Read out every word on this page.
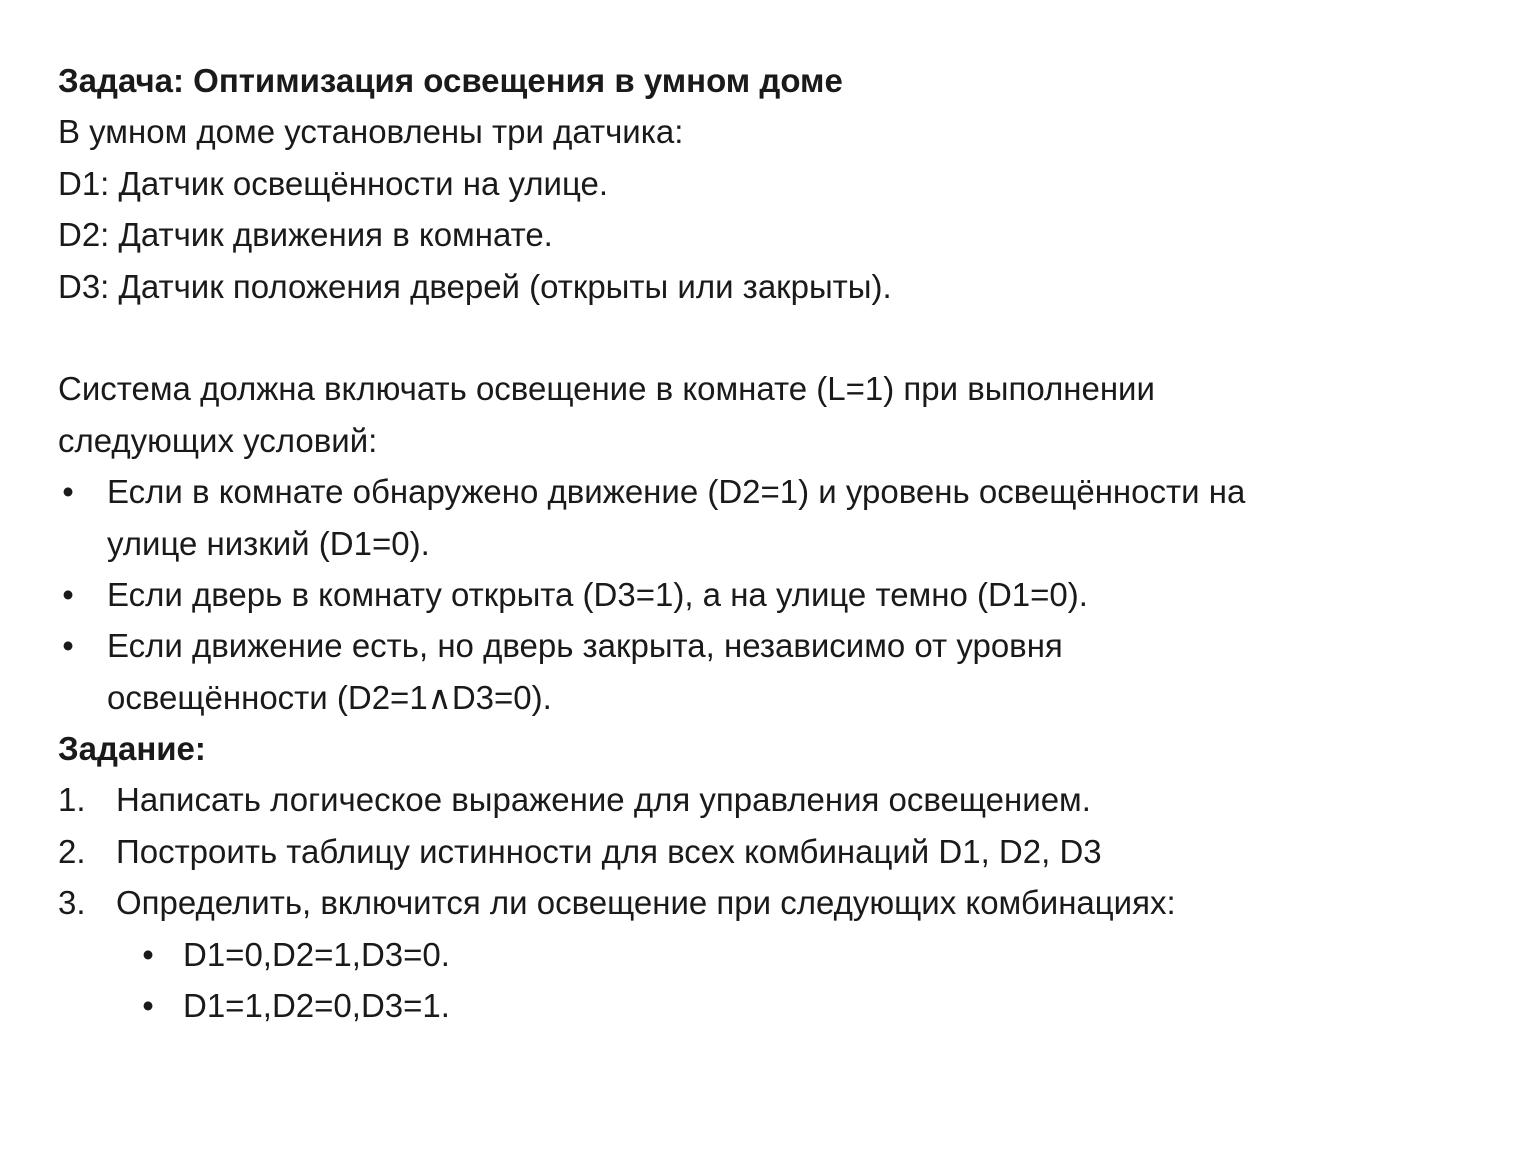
Задача: Оптимизация освещения в умном доме
В умном доме установлены три датчика:
D1: Датчик освещённости на улице.
D2: Датчик движения в комнате.
D3: Датчик положения дверей (открыты или закрыты).
Система должна включать освещение в комнате (L=1) при выполнении
следующих условий:
• Если в комнате обнаружено движение (D2=1) и уровень освещённости на
улице низкий (D1=0).
• Если дверь в комнату открыта (D3=1), а на улице темно (D1=0).
• Если движение есть, но дверь закрыта, независимо от уровня
освещённости (D2=1∧D3=0).
Задание:
1. Написать логическое выражение для управления освещением.
2. Построить таблицу истинности для всех комбинаций D1, D2, D3
3. Определить, включится ли освещение при следующих комбинациях:
• D1=0,D2=1,D3=0.
• D1=1,D2=0,D3=1.
